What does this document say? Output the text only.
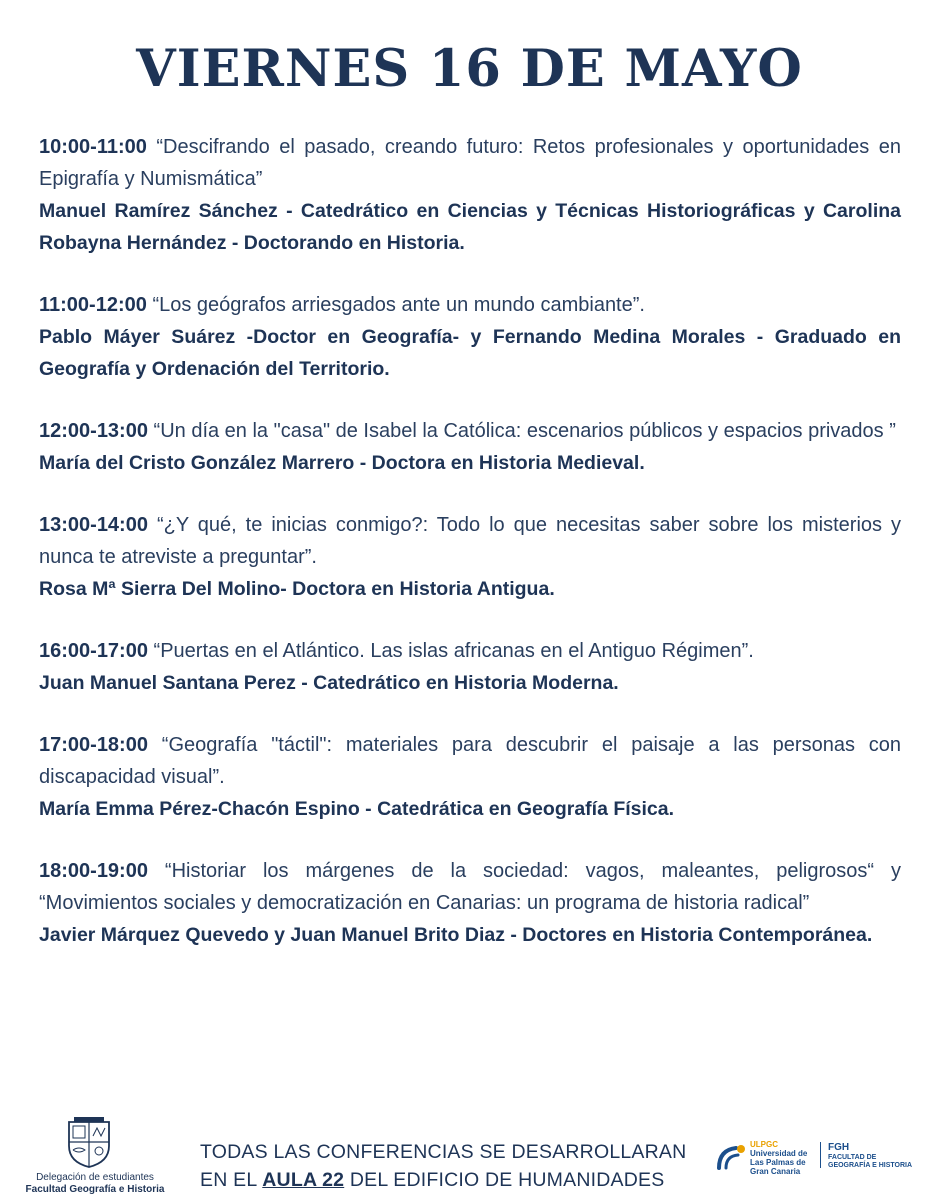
VIERNES 16 DE MAYO

10:00-11:00 “Descifrando el pasado, creando futuro: Retos profesionales y oportunidades en Epigrafía y Numismática”

Manuel Ramírez Sánchez - Catedrático en Ciencias y Técnicas Historiográficas y Carolina Robayna Hernández - Doctorando en Historia.

11:00-12:00 “Los geógrafos arriesgados ante un mundo cambiante”.

Pablo Máyer Suárez -Doctor en Geografía- y Fernando Medina Morales - Graduado en Geografía y Ordenación del Territorio.

12:00-13:00 “Un día en la "casa" de Isabel la Católica: escenarios públicos y espacios privados ”

María del Cristo González Marrero - Doctora en Historia Medieval.

13:00-14:00 “¿Y qué, te inicias conmigo?: Todo lo que necesitas saber sobre los misterios y nunca te atreviste a preguntar”.

Rosa Mª Sierra Del Molino- Doctora en Historia Antigua.

16:00-17:00 “Puertas en el Atlántico. Las islas africanas en el Antiguo Régimen”.

Juan Manuel Santana Perez - Catedrático en Historia Moderna.

17:00-18:00 “Geografía "táctil": materiales para descubrir el paisaje a las personas con discapacidad visual”.

María Emma Pérez-Chacón Espino - Catedrática en Geografía Física.

18:00-19:00 “Historiar los márgenes de la sociedad: vagos, maleantes, peligrosos“ y “Movimientos sociales y democratización en Canarias: un programa de historia radical”

Javier Márquez Quevedo y Juan Manuel Brito Diaz - Doctores en Historia Contemporánea.

Delegación de estudiantes
Facultad Geografía e Historia
TODAS LAS CONFERENCIAS SE DESARROLLARAN
EN EL AULA 22 DEL EDIFICIO DE HUMANIDADES
ULPGC
Universidad de
Las Palmas de
Gran Canaria
FGH
FACULTAD DE
GEOGRAFÍA E HISTORIA
